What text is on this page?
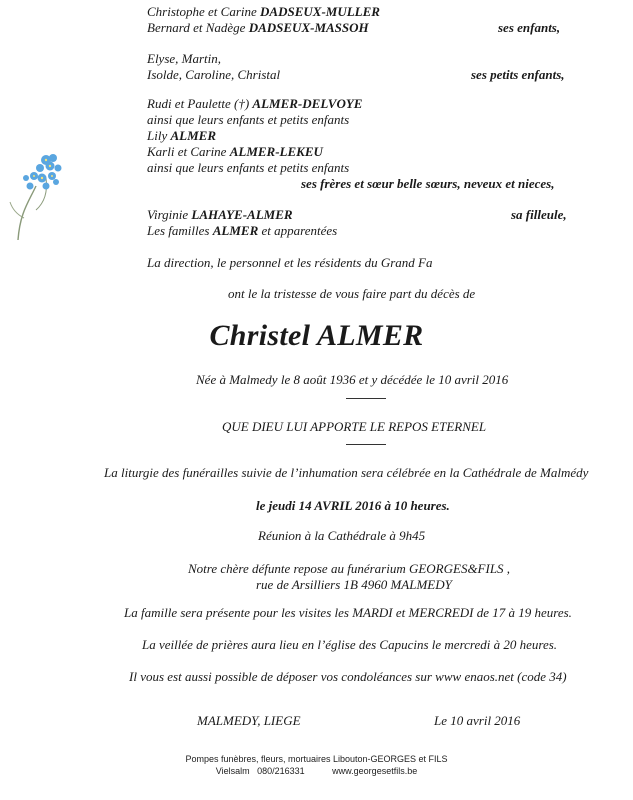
Christophe et Carine DADSEUX-MULLER
Bernard et Nadège DADSEUX-MASSOH	ses enfants,
Elyse, Martin,
Isolde, Caroline, Christal	ses petits enfants,
Rudi et Paulette (†) ALMER-DELVOYE
ainsi que leurs enfants et petits enfants
Lily ALMER
Karli et Carine ALMER-LEKEU
ainsi que leurs enfants et petits enfants
ses frères et sœur belle sœurs, neveux et nieces,
Virginie LAHAYE-ALMER	sa filleule,
Les familles ALMER et apparentées
La direction, le personnel et les résidents du Grand Fa
ont le la tristesse de vous faire part du décès de
Christel ALMER
Née à Malmedy le 8 août 1936 et y décédée le 10 avril 2016
QUE DIEU LUI APPORTE LE REPOS ETERNEL
La liturgie des funérailles suivie de l’inhumation sera célébrée en la Cathédrale de Malmédy
le jeudi 14 AVRIL 2016 à 10 heures.
Réunion à la Cathédrale à 9h45
Notre chère défunte repose au funérarium GEORGES&FILS ,
rue de Arsilliers 1B 4960 MALMEDY
La famille sera présente pour les visites les MARDI et MERCREDI de 17 à 19 heures.
La veillée de prières aura lieu en l’église des Capucins le mercredi à 20 heures.
Il vous est aussi possible de déposer vos condoléances sur www enaos.net (code 34)
MALMEDY, LIEGE	Le 10 avril 2016
Pompes funèbres, fleurs, mortuaires Libouton-GEORGES et FILS
Vielsalm   080/216331           www.georgesetfils.be
